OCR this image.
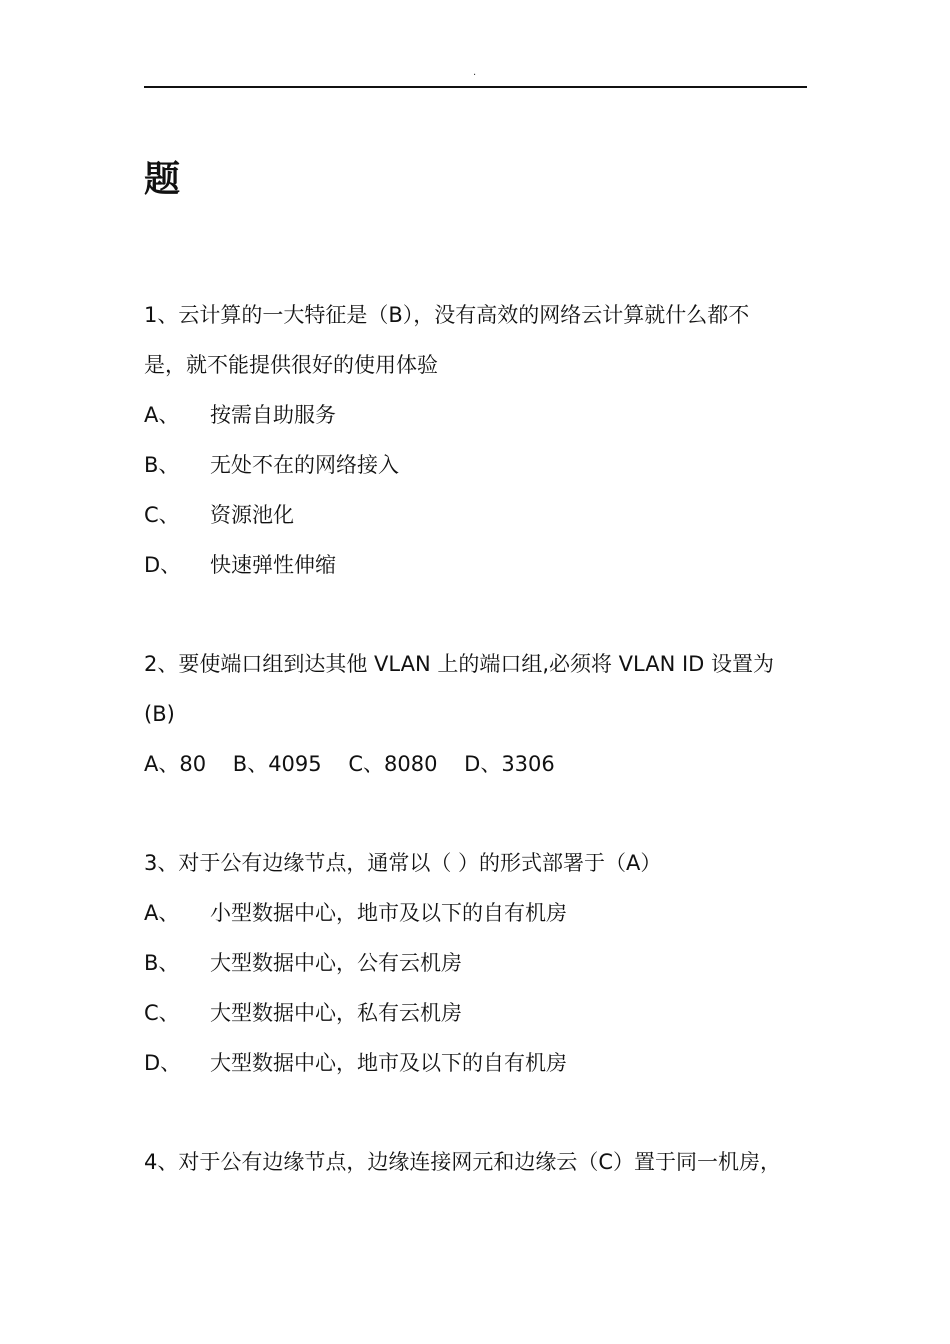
.
题
1、云计算的一大特征是（B），没有高效的网络云计算就什么都不
是，就不能提供很好的使用体验
A、 按需自助服务
B、 无处不在的网络接入
C、 资源池化
D、 快速弹性伸缩
2、要使端口组到达其他 VLAN 上的端口组,必须将 VLAN ID 设置为
(B)
A、80    B、4095    C、8080    D、3306
3、对于公有边缘节点，通常以（ ）的形式部署于（A）
A、 小型数据中心，地市及以下的自有机房
B、 大型数据中心，公有云机房
C、 大型数据中心，私有云机房
D、 大型数据中心，地市及以下的自有机房
4、对于公有边缘节点，边缘连接网元和边缘云（C）置于同一机房，
